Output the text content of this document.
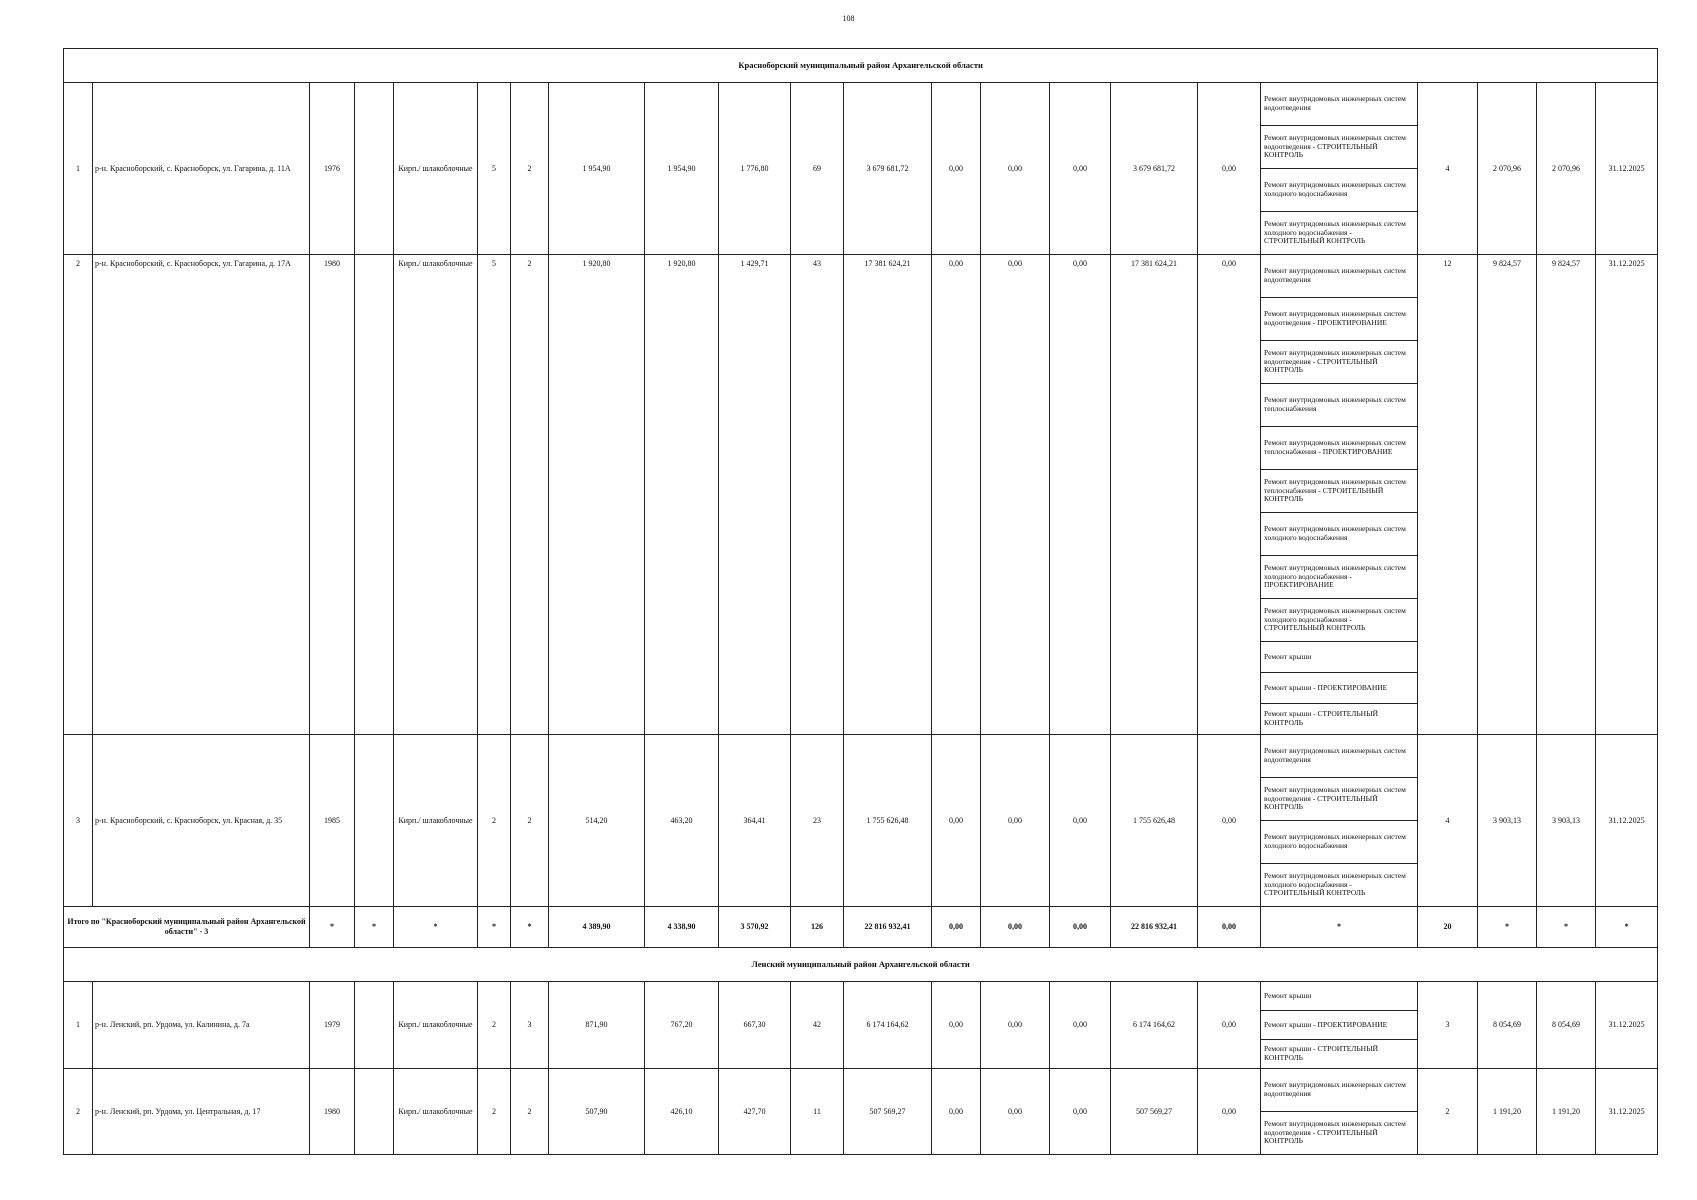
108
Красноборский муниципальный район Архангельской области																					
1	р-н. Красноборский, с. Красноборск, ул. Гагарина, д. 11А	1976		Кирп./ шлакоблочные	5	2	1 954,90	1 954,90	1 776,80	69	3 679 681,72	0,00	0,00	0,00	3 679 681,72	0,00	Ремонт внутридомовых инженерных систем водоотведения	4	2 070,96	2 070,96	31.12.2025
																	Ремонт внутридомовых инженерных систем водоотведения - СТРОИТЕЛЬНЫЙ КОНТРОЛЬ				
																	Ремонт внутридомовых инженерных систем холодного водоснабжения				
																	Ремонт внутридомовых инженерных систем холодного водоснабжения - СТРОИТЕЛЬНЫЙ КОНТРОЛЬ				
2	р-н. Красноборский, с. Красноборск, ул. Гагарина, д. 17А	1980		Кирп./ шлакоблочные	5	2	1 920,80	1 920,80	1 429,71	43	17 381 624,21	0,00	0,00	0,00	17 381 624,21	0,00	Ремонт внутридомовых инженерных систем водоотведения	12	9 824,57	9 824,57	31.12.2025
																	Ремонт внутридомовых инженерных систем водоотведения - ПРОЕКТИРОВАНИЕ				
																	Ремонт внутридомовых инженерных систем водоотведения - СТРОИТЕЛЬНЫЙ КОНТРОЛЬ				
																	Ремонт внутридомовых инженерных систем теплоснабжения				
																	Ремонт внутридомовых инженерных систем теплоснабжения - ПРОЕКТИРОВАНИЕ				
																	Ремонт внутридомовых инженерных систем теплоснабжения - СТРОИТЕЛЬНЫЙ КОНТРОЛЬ				
																	Ремонт внутридомовых инженерных систем холодного водоснабжения				
																	Ремонт внутридомовых инженерных систем холодного водоснабжения - ПРОЕКТИРОВАНИЕ				
																	Ремонт внутридомовых инженерных систем холодного водоснабжения - СТРОИТЕЛЬНЫЙ КОНТРОЛЬ				
																	Ремонт крыши				
																	Ремонт крыши - ПРОЕКТИРОВАНИЕ				
																	Ремонт крыши - СТРОИТЕЛЬНЫЙ КОНТРОЛЬ				
3	р-н. Красноборский, с. Красноборск, ул. Красная, д. 35	1985		Кирп./ шлакоблочные	2	2	514,20	463,20	364,41	23	1 755 626,48	0,00	0,00	0,00	1 755 626,48	0,00	Ремонт внутридомовых инженерных систем водоотведения	4	3 903,13	3 903,13	31.12.2025
																	Ремонт внутридомовых инженерных систем водоотведения - СТРОИТЕЛЬНЫЙ КОНТРОЛЬ				
																	Ремонт внутридомовых инженерных систем холодного водоснабжения				
																	Ремонт внутридомовых инженерных систем холодного водоснабжения - СТРОИТЕЛЬНЫЙ КОНТРОЛЬ				
Итого по "Красноборский муниципальный район Архангельской области" - 3		*	*	*	*	*	4 389,90	4 338,90	3 570,92	126	22 816 932,41	0,00	0,00	0,00	22 816 932,41	0,00	*	20	*	*	*
Ленский муниципальный район Архангельской области																					
1	р-н. Ленский, рп. Урдома, ул. Калинина, д. 7а	1979		Кирп./ шлакоблочные	2	3	871,90	767,20	667,30	42	6 174 164,62	0,00	0,00	0,00	6 174 164,62	0,00	Ремонт крыши	3	8 054,69	8 054,69	31.12.2025
																	Ремонт крыши - ПРОЕКТИРОВАНИЕ				
																	Ремонт крыши - СТРОИТЕЛЬНЫЙ КОНТРОЛЬ				
2	р-н. Ленский, рп. Урдома, ул. Центральная, д. 17	1980		Кирп./ шлакоблочные	2	2	507,90	426,10	427,70	11	507 569,27	0,00	0,00	0,00	507 569,27	0,00	Ремонт внутридомовых инженерных систем водоотведения	2	1 191,20	1 191,20	31.12.2025
																	Ремонт внутридомовых инженерных систем водоотведения - СТРОИТЕЛЬНЫЙ КОНТРОЛЬ				
